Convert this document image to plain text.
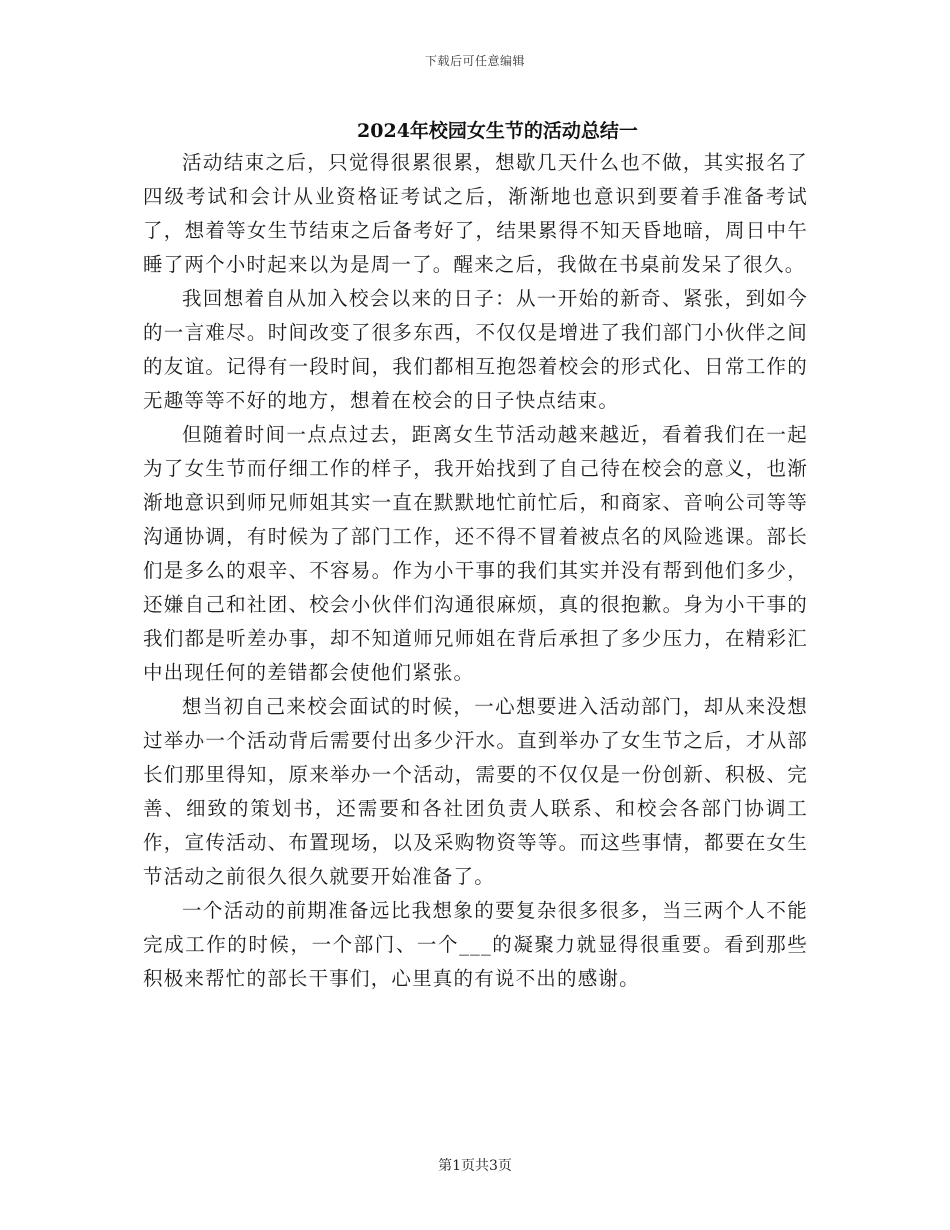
下载后可任意编辑
2024年校园女生节的活动总结一

活动结束之后，只觉得很累很累，想歇几天什么也不做，其实报名了四级考试和会计从业资格证考试之后，渐渐地也意识到要着手准备考试了，想着等女生节结束之后备考好了，结果累得不知天昏地暗，周日中午睡了两个小时起来以为是周一了。醒来之后，我做在书桌前发呆了很久。

我回想着自从加入校会以来的日子：从一开始的新奇、紧张，到如今的一言难尽。时间改变了很多东西，不仅仅是增进了我们部门小伙伴之间的友谊。记得有一段时间，我们都相互抱怨着校会的形式化、日常工作的无趣等等不好的地方，想着在校会的日子快点结束。

但随着时间一点点过去，距离女生节活动越来越近，看着我们在一起为了女生节而仔细工作的样子，我开始找到了自己待在校会的意义，也渐渐地意识到师兄师姐其实一直在默默地忙前忙后，和商家、音响公司等等沟通协调，有时候为了部门工作，还不得不冒着被点名的风险逃课。部长们是多么的艰辛、不容易。作为小干事的我们其实并没有帮到他们多少，还嫌自己和社团、校会小伙伴们沟通很麻烦，真的很抱歉。身为小干事的我们都是听差办事，却不知道师兄师姐在背后承担了多少压力，在精彩汇中出现任何的差错都会使他们紧张。

想当初自己来校会面试的时候，一心想要进入活动部门，却从来没想过举办一个活动背后需要付出多少汗水。直到举办了女生节之后，才从部长们那里得知，原来举办一个活动，需要的不仅仅是一份创新、积极、完善、细致的策划书，还需要和各社团负责人联系、和校会各部门协调工作，宣传活动、布置现场，以及采购物资等等。而这些事情，都要在女生节活动之前很久很久就要开始准备了。

一个活动的前期准备远比我想象的要复杂很多很多，当三两个人不能完成工作的时候，一个部门、一个___的凝聚力就显得很重要。看到那些积极来帮忙的部长干事们，心里真的有说不出的感谢。

第1页共3页
